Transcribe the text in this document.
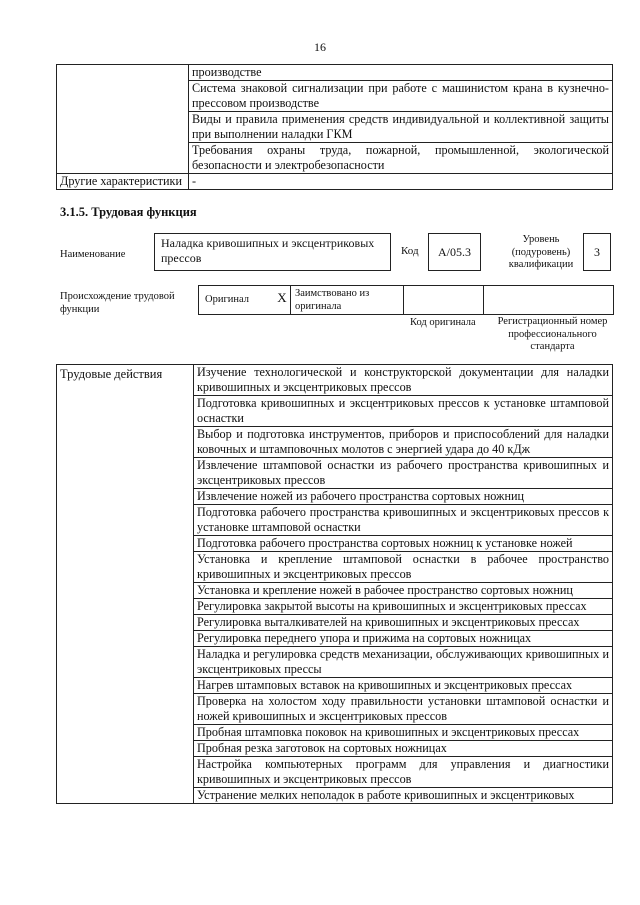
16
	производстве
	Система знаковой сигнализации при работе с машинистом крана в кузнечно-прессовом производстве
	Виды и правила применения средств индивидуальной и коллективной защиты при выполнении наладки ГКМ
	Требования охраны труда, пожарной, промышленной, экологической безопасности и электробезопасности
Другие характеристики	-
3.1.5. Трудовая функция
Наименование
Наладка кривошипных и эксцентриковых прессов	Код	A/05.3
Уровень (подуровень) квалификации
3
Происхождение трудовой функции
Оригинал	X Заимствовано из оригинала
Код оригинала	Регистрационный номер профессионального стандарта
Трудовые действия	Изучение технологической и конструкторской документации для наладки кривошипных и эксцентриковых прессов
Подготовка кривошипных и эксцентриковых прессов к установке штамповой оснастки
Выбор и подготовка инструментов, приборов и приспособлений для наладки ковочных и штамповочных молотов с энергией удара до 40 кДж
Извлечение штамповой оснастки из рабочего пространства кривошипных и эксцентриковых прессов
Извлечение ножей из рабочего пространства сортовых ножниц
Подготовка рабочего пространства кривошипных и эксцентриковых прессов к установке штамповой оснастки
Подготовка рабочего пространства сортовых ножниц к установке ножей
Установка и крепление штамповой оснастки в рабочее пространство кривошипных и эксцентриковых прессов
Установка и крепление ножей в рабочее пространство сортовых ножниц
Регулировка закрытой высоты на кривошипных и эксцентриковых прессах
Регулировка выталкивателей на кривошипных и эксцентриковых прессах
Регулировка переднего упора и прижима на сортовых ножницах
Наладка и регулировка средств механизации, обслуживающих кривошипных и эксцентриковых прессы
Нагрев штамповых вставок на кривошипных и эксцентриковых прессах
Проверка на холостом ходу правильности установки штамповой оснастки и ножей кривошипных и эксцентриковых прессов
Пробная штамповка поковок на кривошипных и эксцентриковых прессах
Пробная резка заготовок на сортовых ножницах
Настройка компьютерных программ для управления и диагностики кривошипных и эксцентриковых прессов
Устранение мелких неполадок в работе кривошипных и эксцентриковых
